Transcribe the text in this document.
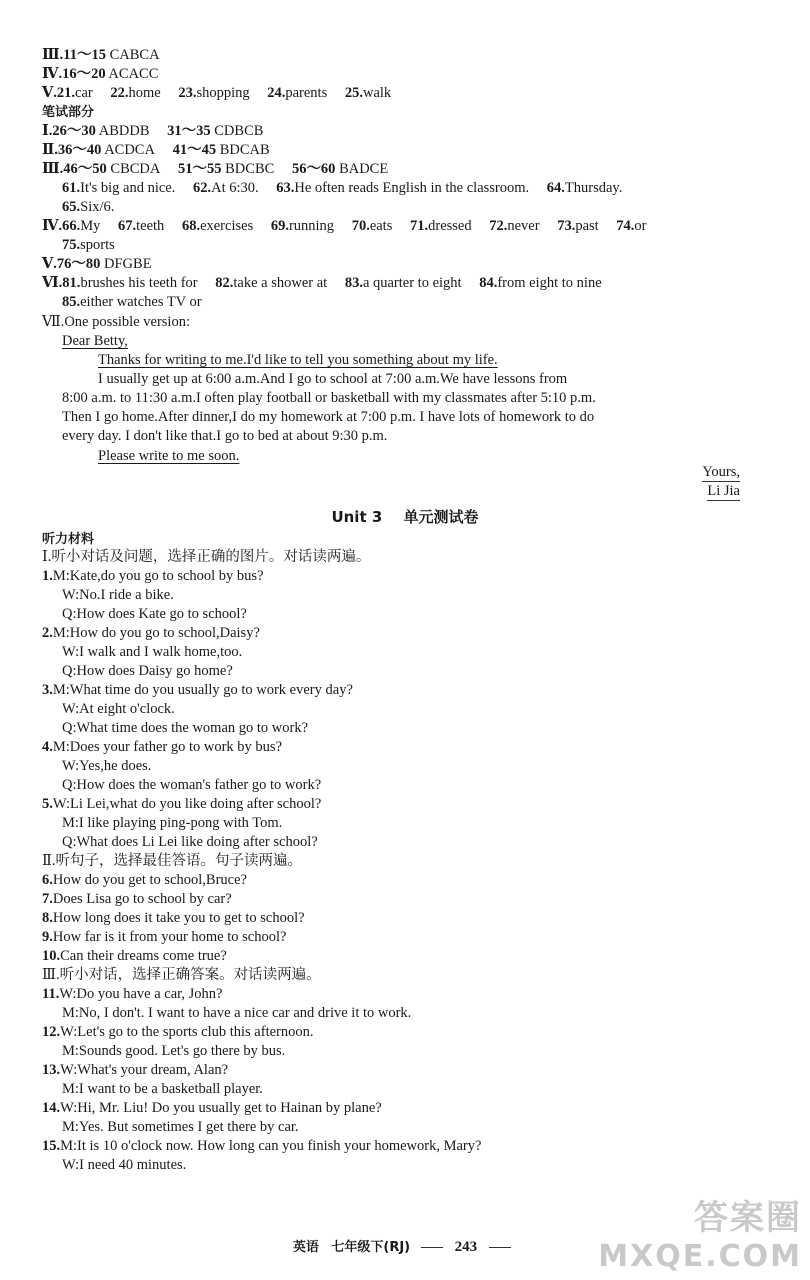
Ⅲ.11～15 CABCA
Ⅳ.16～20 ACACC
Ⅴ.21.car 22.home 23.shopping 24.parents 25.walk
笔试部分
Ⅰ.26～30 ABDDB 31～35 CDBCB
Ⅱ.36～40 ACDCA 41～45 BDCAB
Ⅲ.46～50 CBCDA 51～55 BDCBC 56～60 BADCE
61.It's big and nice. 62.At 6:30. 63.He often reads English in the classroom. 64.Thursday.
65.Six/6.
Ⅳ.66.My 67.teeth 68.exercises 69.running 70.eats 71.dressed 72.never 73.past 74.or
75.sports
Ⅴ.76～80 DFGBE
Ⅵ.81.brushes his teeth for 82.take a shower at 83.a quarter to eight 84.from eight to nine
85.either watches TV or
Ⅶ.One possible version:
Dear Betty,
Thanks for writing to me.I'd like to tell you something about my life.
I usually get up at 6:00 a.m.And I go to school at 7:00 a.m.We have lessons from
8:00 a.m. to 11:30 a.m.I often play football or basketball with my classmates after 5:10 p.m.
Then I go home.After dinner,I do my homework at 7:00 p.m. I have lots of homework to do
every day. I don't like that.I go to bed at about 9:30 p.m.
Please write to me soon.
Yours,
Li Jia
Unit 3 单元测试卷
听力材料
Ⅰ.听小对话及问题，选择正确的图片。对话读两遍。
1.M:Kate,do you go to school by bus?
W:No.I ride a bike.
Q:How does Kate go to school?
2.M:How do you go to school,Daisy?
W:I walk and I walk home,too.
Q:How does Daisy go home?
3.M:What time do you usually go to work every day?
W:At eight o'clock.
Q:What time does the woman go to work?
4.M:Does your father go to work by bus?
W:Yes,he does.
Q:How does the woman's father go to work?
5.W:Li Lei,what do you like doing after school?
M:I like playing ping-pong with Tom.
Q:What does Li Lei like doing after school?
Ⅱ.听句子，选择最佳答语。句子读两遍。
6.How do you get to school,Bruce?
7.Does Lisa go to school by car?
8.How long does it take you to get to school?
9.How far is it from your home to school?
10.Can their dreams come true?
Ⅲ.听小对话，选择正确答案。对话读两遍。
11.W:Do you have a car, John?
M:No, I don't. I want to have a nice car and drive it to work.
12.W:Let's go to the sports club this afternoon.
M:Sounds good. Let's go there by bus.
13.W:What's your dream, Alan?
M:I want to be a basketball player.
14.W:Hi, Mr. Liu! Do you usually get to Hainan by plane?
M:Yes. But sometimes I get there by car.
15.M:It is 10 o'clock now. How long can you finish your homework, Mary?
W:I need 40 minutes.
英语 七年级下(RJ)	243
答案圈
MXQE.COM
